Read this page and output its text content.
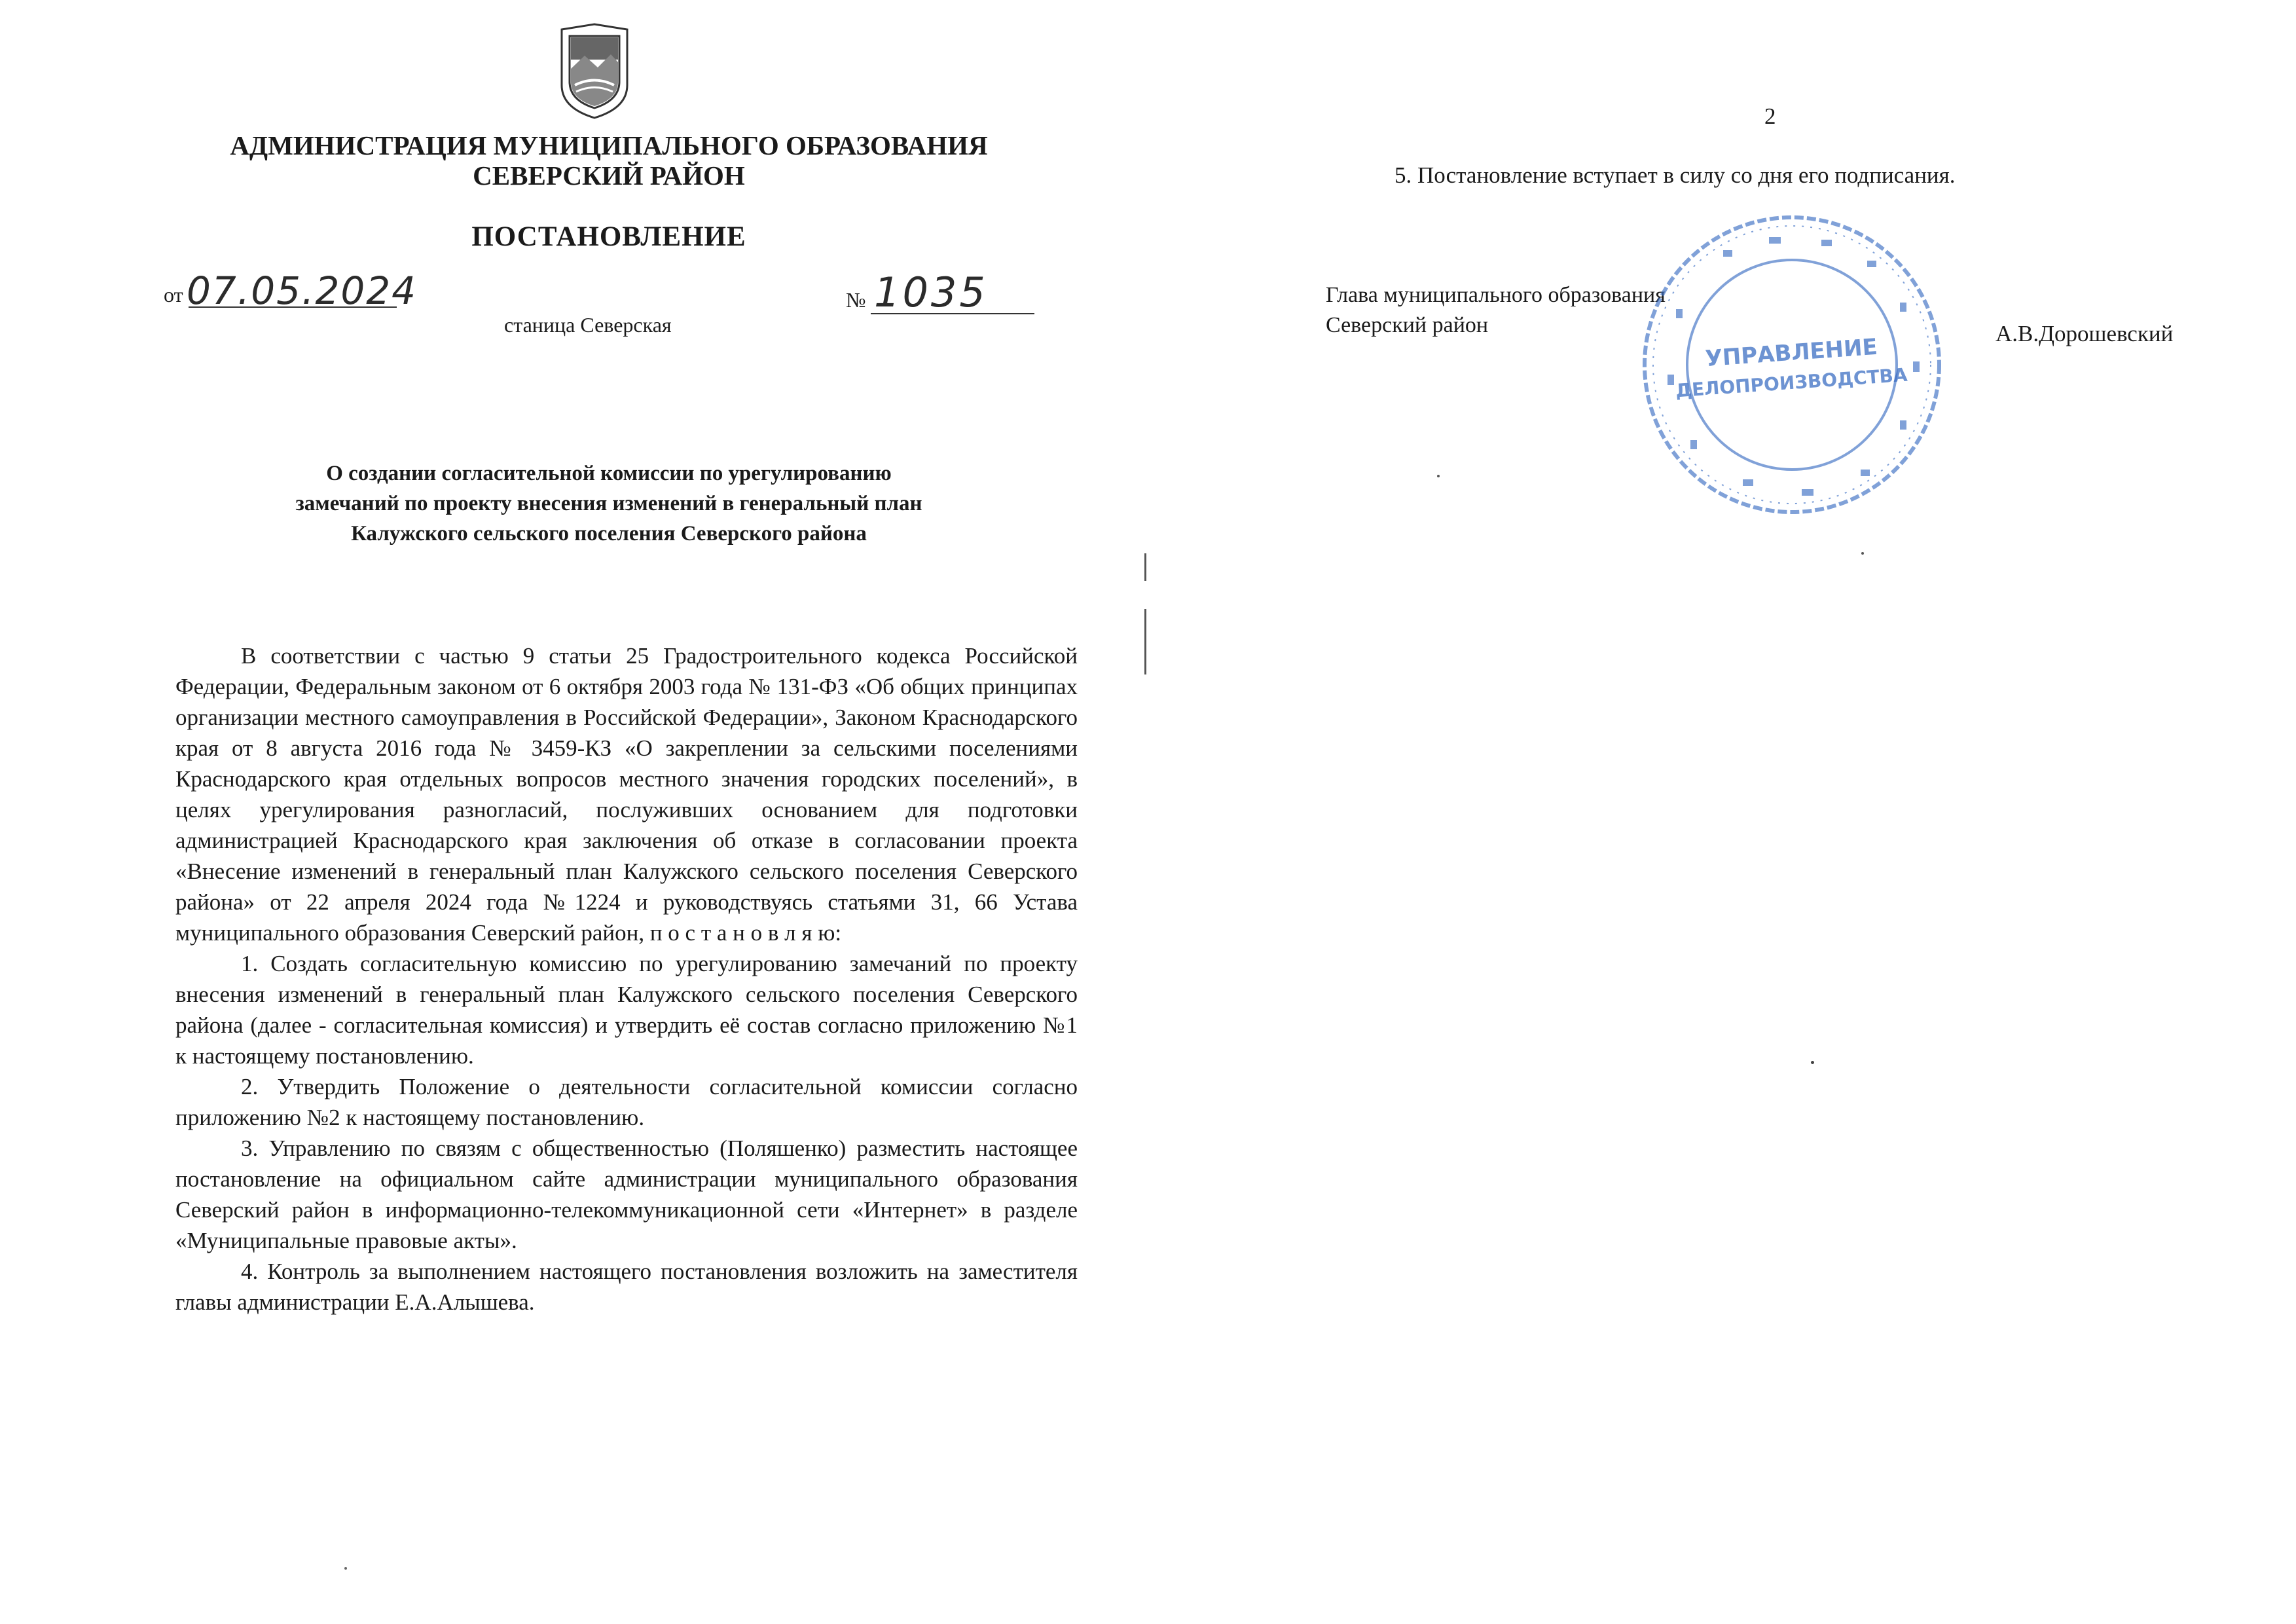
АДМИНИСТРАЦИЯ МУНИЦИПАЛЬНОГО ОБРАЗОВАНИЯ
СЕВЕРСКИЙ РАЙОН
ПОСТАНОВЛЕНИЕ
от 07.05.2024
станица Северская
№ 1035
О создании согласительной комиссии по урегулированию
замечаний по проекту внесения изменений в генеральный план
Калужского сельского поселения Северского района

В соответствии с частью 9 статьи 25 Градостроительного кодекса Российской Федерации, Федеральным законом от 6 октября 2003 года № 131-ФЗ «Об общих принципах организации местного самоуправления в Российской Федерации», Законом Краснодарского края от 8 августа 2016 года № 3459-КЗ «О закреплении за сельскими поселениями Краснодарского края отдельных вопросов местного значения городских поселений», в целях урегулирования разногласий, послуживших основанием для подготовки администрацией Краснодарского края заключения об отказе в согласовании проекта «Внесение изменений в генеральный план Калужского сельского поселения Северского района» от 22 апреля 2024 года №1224 и руководствуясь статьями 31, 66 Устава муниципального образования Северский район, п о с т а н о в л я ю:

1. Создать согласительную комиссию по урегулированию замечаний по проекту внесения изменений в генеральный план Калужского сельского поселения Северского района (далее - согласительная комиссия) и утвердить её состав согласно приложению №1 к настоящему постановлению.

2. Утвердить Положение о деятельности согласительной комиссии согласно приложению №2 к настоящему постановлению.

3. Управлению по связям с общественностью (Поляшенко) разместить настоящее постановление на официальном сайте администрации муниципального образования Северский район в информационно-телекоммуникационной сети «Интернет» в разделе «Муниципальные правовые акты».

4. Контроль за выполнением настоящего постановления возложить на заместителя главы администрации Е.А.Алышева.

2
5. Постановление вступает в силу со дня его подписания.
Глава муниципального образования
Северский район	А.В.Дорошевский
УПРАВЛЕНИЕ
ДЕЛОПРОИЗВОДСТВА
